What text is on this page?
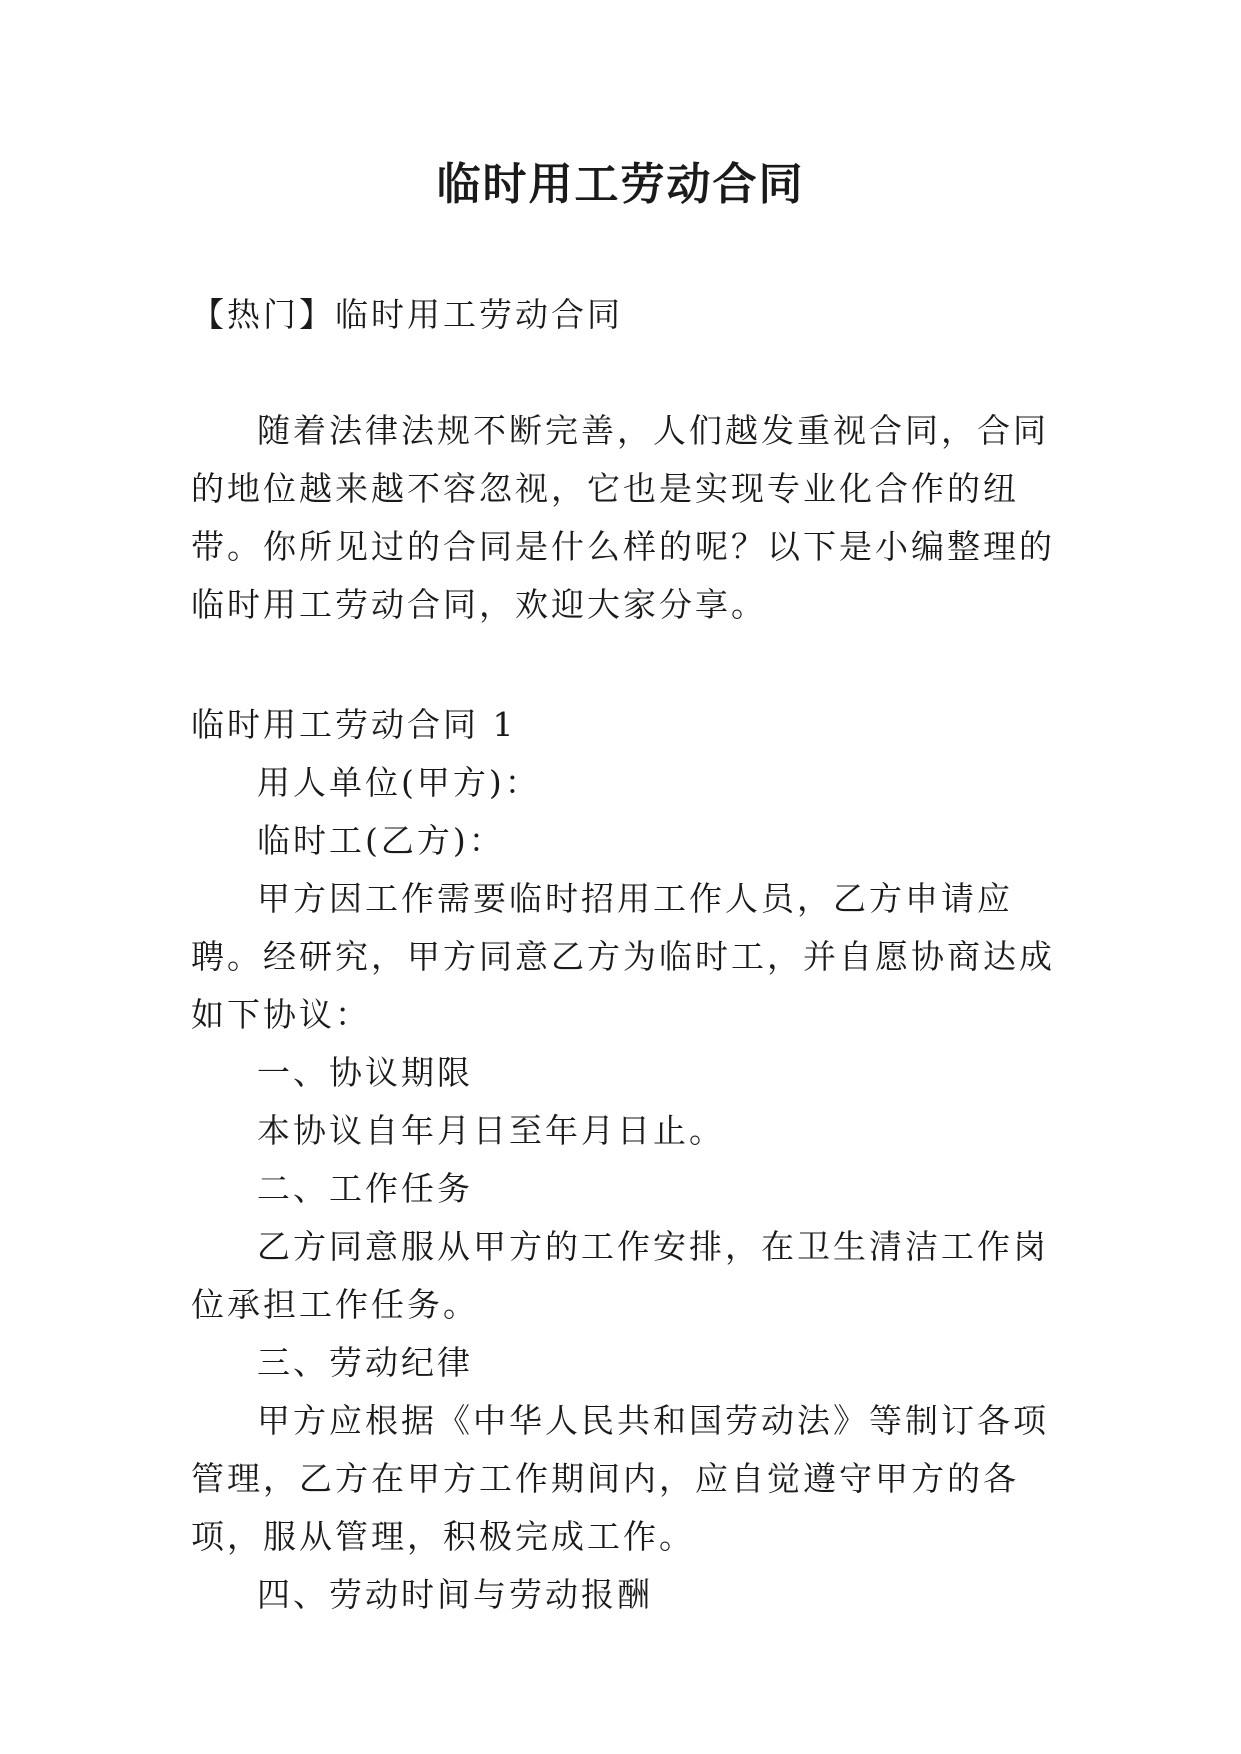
临时用工劳动合同
【热门】临时用工劳动合同
随着法律法规不断完善，人们越发重视合同，合同的地位越来越不容忽视，它也是实现专业化合作的纽带。你所见过的合同是什么样的呢？以下是小编整理的临时用工劳动合同，欢迎大家分享。

临时用工劳动合同 1

用人单位(甲方)：

临时工(乙方)：

甲方因工作需要临时招用工作人员，乙方申请应聘。经研究，甲方同意乙方为临时工，并自愿协商达成如下协议：

一、协议期限

本协议自年月日至年月日止。

二、工作任务

乙方同意服从甲方的工作安排，在卫生清洁工作岗位承担工作任务。

三、劳动纪律

甲方应根据《中华人民共和国劳动法》等制订各项管理，乙方在甲方工作期间内，应自觉遵守甲方的各项，服从管理，积极完成工作。

四、劳动时间与劳动报酬
